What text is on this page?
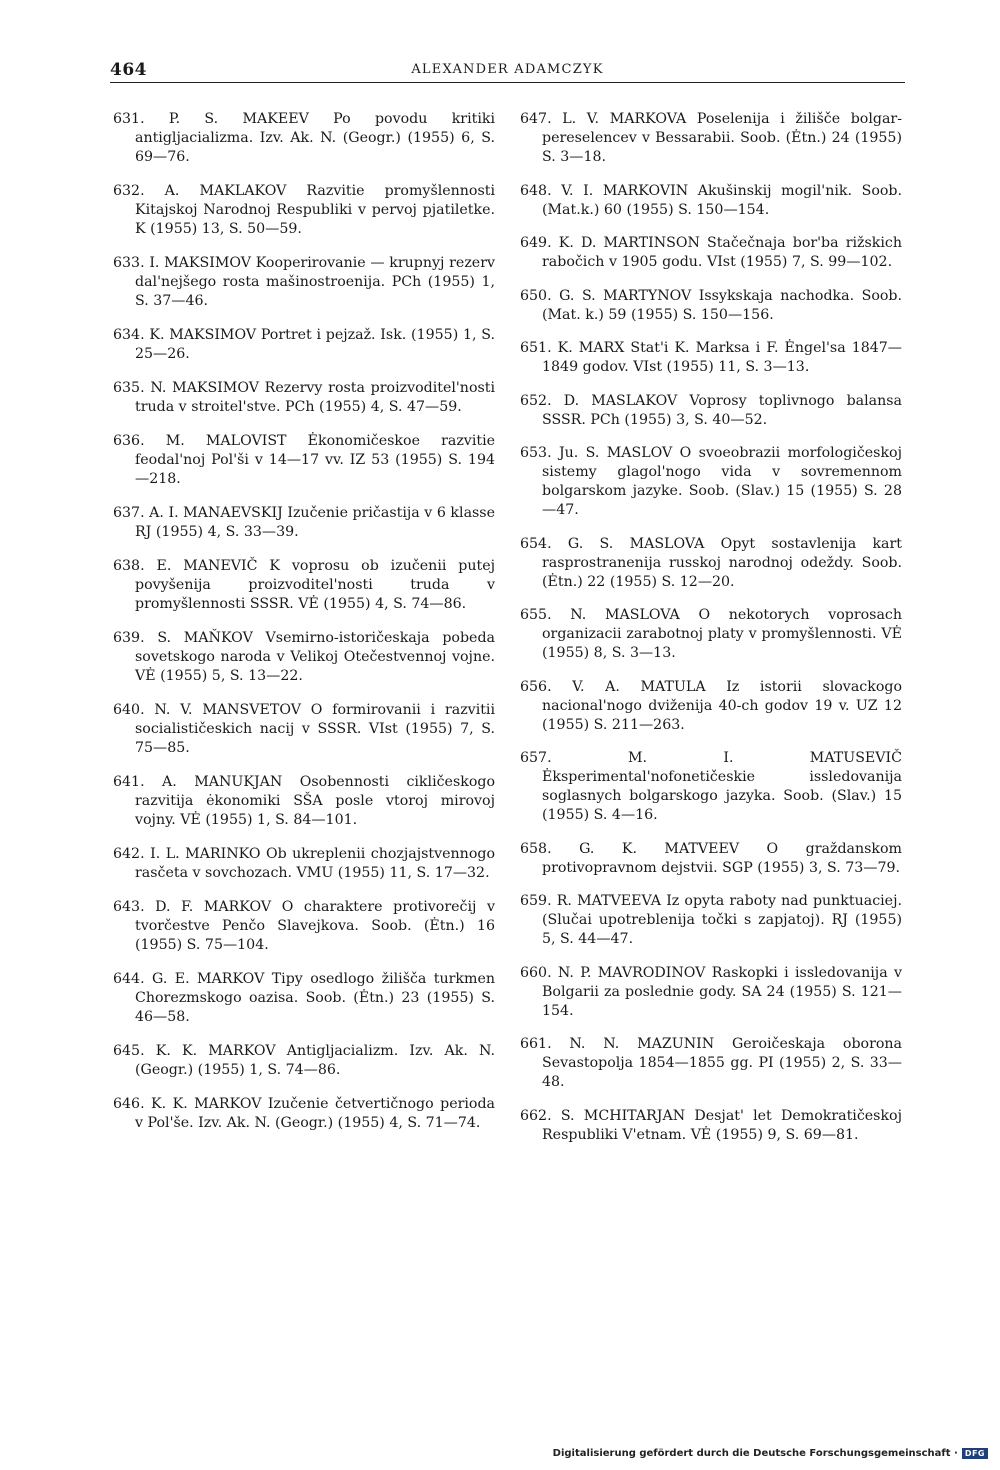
464	ALEXANDER ADAMCZYK

631. P. S. MAKEEV Po povodu kritiki antigljacializma. Izv. Ak. N. (Geogr.) (1955) 6, S. 69—76.

632. A. MAKLAKOV Razvitie promyšlennosti Kitajskoj Narodnoj Respubliki v pervoj pjatiletke. K (1955) 13, S. 50—59.

633. I. MAKSIMOV Kooperirovanie — krupnyj rezerv dal'nejšego rosta mašinostroenija. PCh (1955) 1, S. 37—46.

634. K. MAKSIMOV Portret i pejzaž. Isk. (1955) 1, S. 25—26.

635. N. MAKSIMOV Rezervy rosta proizvoditel'nosti truda v stroitel'stve. PCh (1955) 4, S. 47—59.

636. M. MALOVIST Ėkonomičeskoe razvitie feodal'noj Pol'ši v 14—17 vv. IZ 53 (1955) S. 194—218.

637. A. I. MANAEVSKIJ Izučenie pričastija v 6 klasse RJ (1955) 4, S. 33—39.

638. E. MANEVIČ K voprosu ob izučenii putej povyšenija proizvoditel'nosti truda v promyšlennosti SSSR. VĖ (1955) 4, S. 74—86.

639. S. MAŇKOV Vsemirno-istoričeskaja pobeda sovetskogo naroda v Velikoj Otečestvennoj vojne. VĖ (1955) 5, S. 13—22.

640. N. V. MANSVETOV O formirovanii i razvitii socialističeskich nacij v SSSR. VIst (1955) 7, S. 75—85.

641. A. MANUKJAN Osobennosti cikličeskogo razvitija ėkonomiki SŠA posle vtoroj mirovoj vojny. VĖ (1955) 1, S. 84—101.

642. I. L. MARINKO Ob ukreplenii chozjajstvennogo rasčeta v sovchozach. VMU (1955) 11, S. 17—32.

643. D. F. MARKOV O charaktere protivorečij v tvorčestve Penčo Slavejkova. Soob. (Ėtn.) 16 (1955) S. 75—104.

644. G. E. MARKOV Tipy osedlogo žilišča turkmen Chorezmskogo oazisa. Soob. (Ėtn.) 23 (1955) S. 46—58.

645. K. K. MARKOV Antigljacializm. Izv. Ak. N. (Geogr.) (1955) 1, S. 74—86.

646. K. K. MARKOV Izučenie četvertičnogo perioda v Pol'še. Izv. Ak. N. (Geogr.) (1955) 4, S. 71—74.

647. L. V. MARKOVA Poselenija i žilišče bolgar-pereselencev v Bessarabii. Soob. (Ėtn.) 24 (1955) S. 3—18.

648. V. I. MARKOVIN Akušinskij mogil'nik. Soob. (Mat.k.) 60 (1955) S. 150—154.

649. K. D. MARTINSON Stačečnaja bor'ba rižskich rabočich v 1905 godu. VIst (1955) 7, S. 99—102.

650. G. S. MARTYNOV Issykskaja nachodka. Soob. (Mat. k.) 59 (1955) S. 150—156.

651. K. MARX Stat'i K. Marksa i F. Ėngel'sa 1847—1849 godov. VIst (1955) 11, S. 3—13.

652. D. MASLAKOV Voprosy toplivnogo balansa SSSR. PCh (1955) 3, S. 40—52.

653. Ju. S. MASLOV O svoeobrazii morfologičeskoj sistemy glagol'nogo vida v sovremennom bolgarskom jazyke. Soob. (Slav.) 15 (1955) S. 28—47.

654. G. S. MASLOVA Opyt sostavlenija kart rasprostranenija russkoj narodnoj odeždy. Soob. (Ėtn.) 22 (1955) S. 12—20.

655. N. MASLOVA O nekotorych voprosach organizacii zarabotnoj platy v promyšlennosti. VĖ (1955) 8, S. 3—13.

656. V. A. MATULA Iz istorii slovackogo nacional'nogo dviženija 40-ch godov 19 v. UZ 12 (1955) S. 211—263.

657.	M. I. MATUSEVIČ Ėksperimental'nofonetičeskie issledovanija soglasnych bolgarskogo jazyka. Soob. (Slav.) 15 (1955) S. 4—16.

658. G. K. MATVEEV O graždanskom protivopravnom dejstvii. SGP (1955) 3, S. 73—79.

659. R. MATVEEVA Iz opyta raboty nad punktuaciej. (Slučai upotreblenija točki s zapjatoj). RJ (1955) 5, S. 44—47.

660. N. P. MAVRODINOV Raskopki i issledovanija v Bolgarii za poslednie gody. SA 24 (1955) S. 121—154.

661. N. N. MAZUNIN Geroičeskaja oborona Sevastopolja 1854—1855 gg. PI (1955) 2, S. 33—48.

662. S. MCHITARJAN Desjat' let Demokratičeskoj Respubliki V'etnam. VĖ (1955) 9, S. 69—81.

Digitalisierung gefördert durch die Deutsche Forschungsgemeinschaft · DFG
